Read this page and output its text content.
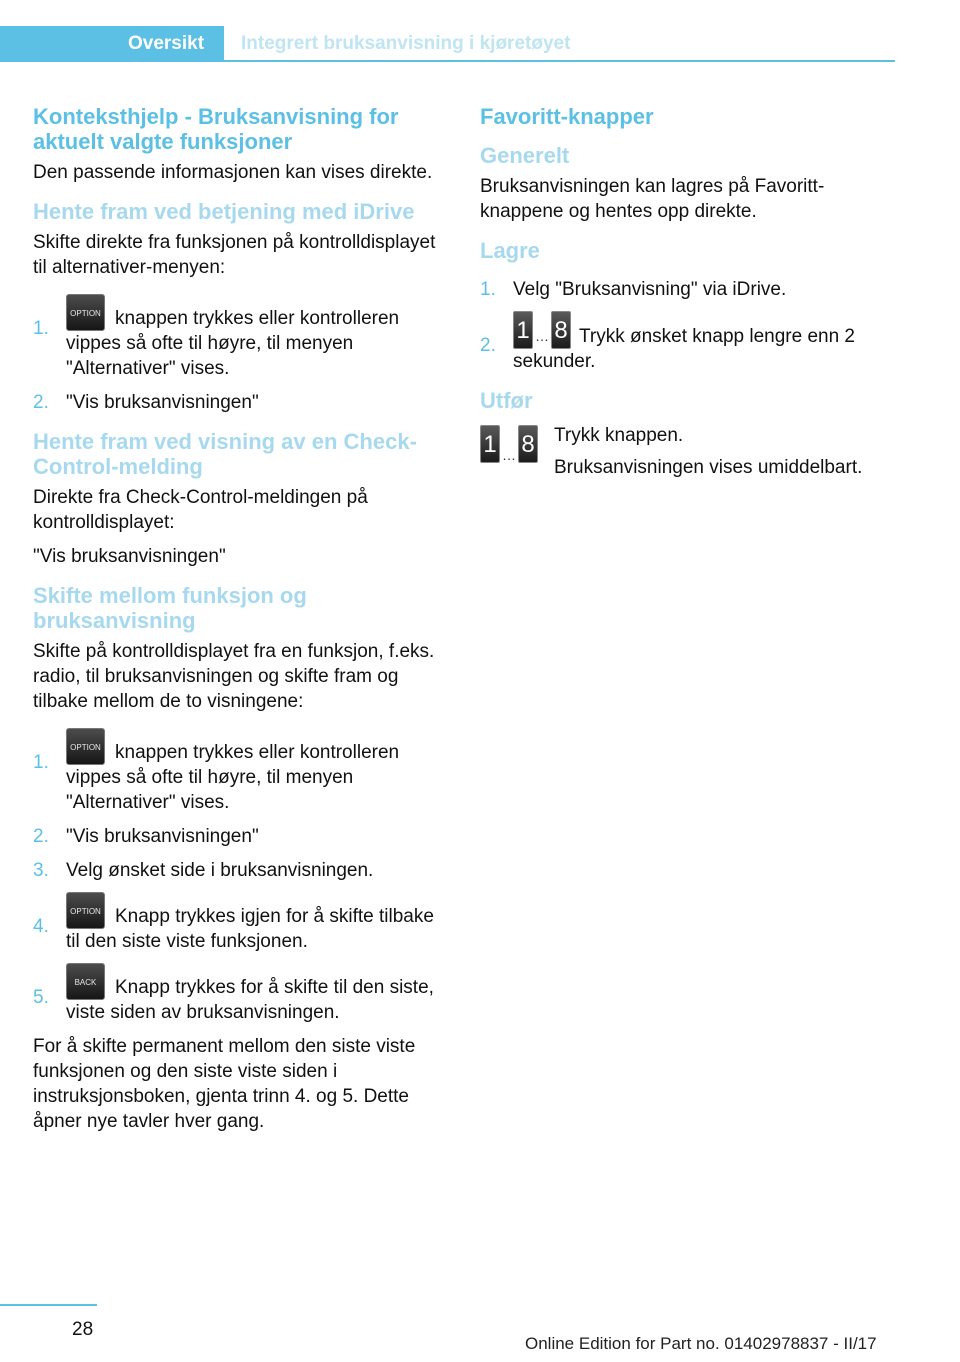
Oversikt Integrert bruksanvisning i kjøretøyet
Konteksthjelp - Bruksanvisning for aktuelt valgte funksjoner

Den passende informasjonen kan vises direkte.

Hente fram ved betjening med iDrive

Skifte direkte fra funksjonen på kontrolldisplayet til alternativer-menyen:

1.
OPTION knappen trykkes eller kontrolleren vippes så ofte til høyre, til menyen "Alternativer" vises.
2. "Vis bruksanvisningen"
Hente fram ved visning av en Check-Control-melding

Direkte fra Check-Control-meldingen på kontrolldisplayet:

"Vis bruksanvisningen"

Skifte mellom funksjon og bruksanvisning

Skifte på kontrolldisplayet fra en funksjon, f.eks. radio, til bruksanvisningen og skifte fram og tilbake mellom de to visningene:

1.
OPTION knappen trykkes eller kontrolleren vippes så ofte til høyre, til menyen "Alternativer" vises.
2. "Vis bruksanvisningen"
3. Velg ønsket side i bruksanvisningen.
4.
OPTION Knapp trykkes igjen for å skifte tilbake til den siste viste funksjonen.
5.
BACK Knapp trykkes for å skifte til den siste, viste siden av bruksanvisningen.

For å skifte permanent mellom den siste viste funksjonen og den siste viste siden i instruksjonsboken, gjenta trinn 4. og 5. Dette åpner nye tavler hver gang.

Favoritt-knapper
Generelt

Bruksanvisningen kan lagres på Favoritt-knappene og hentes opp direkte.

Lagre
1. Velg "Bruksanvisning" via iDrive.
2.
1 … 8 Trykk ønsket knapp lengre enn 2 sekunder.
Utfør
1 … 8 Trykk knappen.

Bruksanvisningen vises umiddelbart.

28
Online Edition for Part no. 01402978837 - II/17
